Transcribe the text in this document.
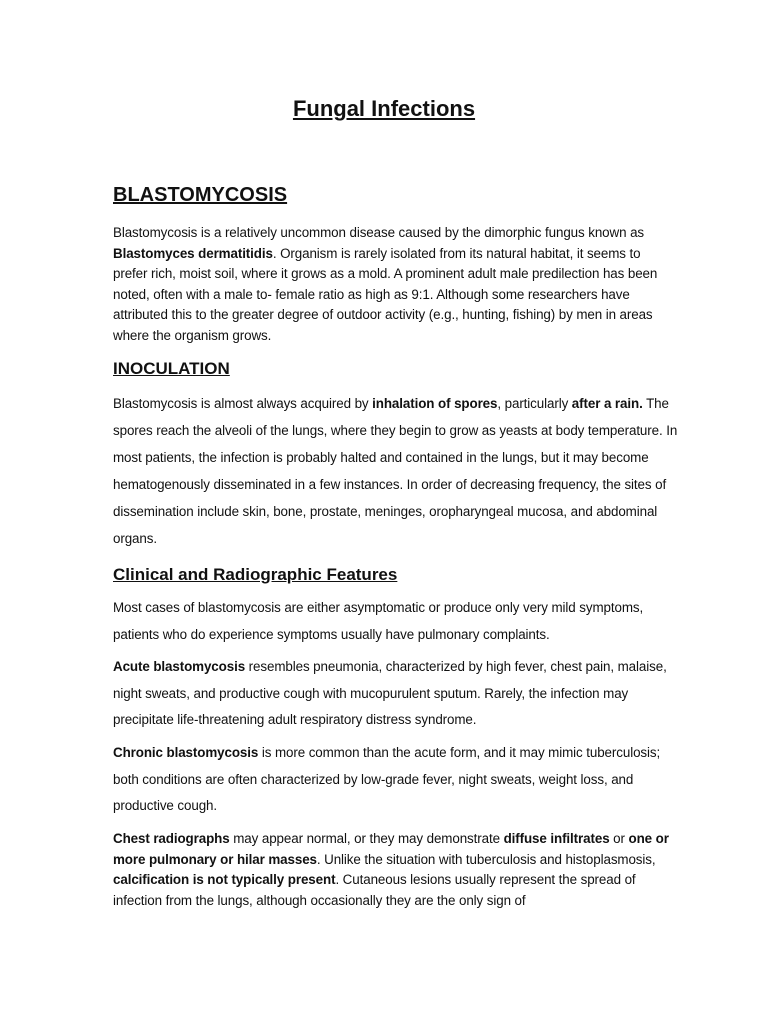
Fungal Infections
BLASTOMYCOSIS
Blastomycosis is a relatively uncommon disease caused by the dimorphic fungus known as Blastomyces dermatitidis. Organism is rarely isolated from its natural habitat, it seems to prefer rich, moist soil, where it grows as a mold. A prominent adult male predilection has been noted, often with a male to- female ratio as high as 9:1. Although some researchers have attributed this to the greater degree of outdoor activity (e.g., hunting, fishing) by men in areas where the organism grows.
INOCULATION
Blastomycosis is almost always acquired by inhalation of spores, particularly after a rain. The spores reach the alveoli of the lungs, where they begin to grow as yeasts at body temperature. In most patients, the infection is probably halted and contained in the lungs, but it may become hematogenously disseminated in a few instances. In order of decreasing frequency, the sites of dissemination include skin, bone, prostate, meninges, oropharyngeal mucosa, and abdominal organs.
Clinical and Radiographic Features
Most cases of blastomycosis are either asymptomatic or produce only very mild symptoms, patients who do experience symptoms usually have pulmonary complaints.
Acute blastomycosis resembles pneumonia, characterized by high fever, chest pain, malaise, night sweats, and productive cough with mucopurulent sputum. Rarely, the infection may precipitate life-threatening adult respiratory distress syndrome.
Chronic blastomycosis is more common than the acute form, and it may mimic tuberculosis; both conditions are often characterized by low-grade fever, night sweats, weight loss, and productive cough.
Chest radiographs may appear normal, or they may demonstrate diffuse infiltrates or one or more pulmonary or hilar masses. Unlike the situation with tuberculosis and histoplasmosis, calcification is not typically present. Cutaneous lesions usually represent the spread of infection from the lungs, although occasionally they are the only sign of
